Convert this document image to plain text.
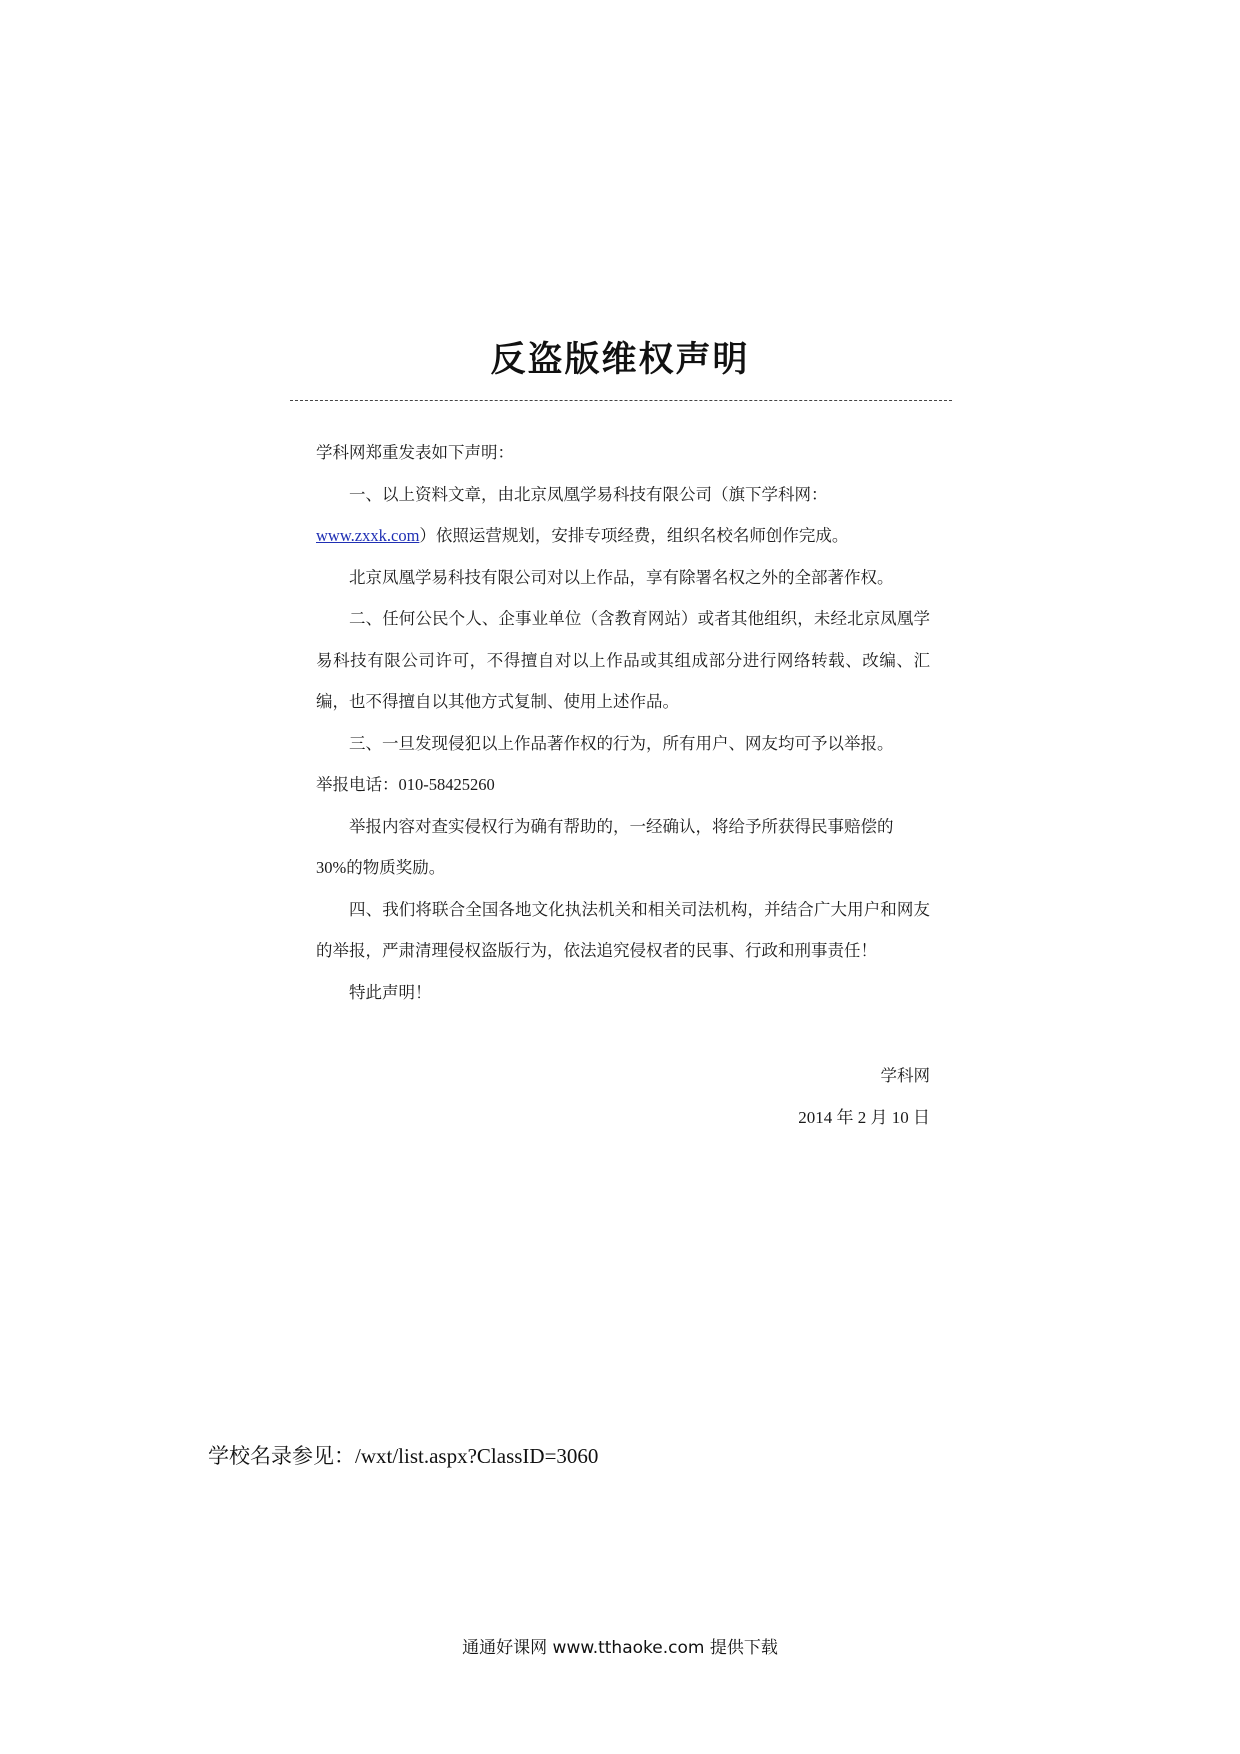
反盗版维权声明

学科网郑重发表如下声明：

一、以上资料文章，由北京凤凰学易科技有限公司（旗下学科网：

www.zxxk.com）依照运营规划，安排专项经费，组织名校名师创作完成。

北京凤凰学易科技有限公司对以上作品，享有除署名权之外的全部著作权。

二、任何公民个人、企事业单位（含教育网站）或者其他组织，未经北京凤凰学易科技有限公司许可，不得擅自对以上作品或其组成部分进行网络转载、改编、汇编，也不得擅自以其他方式复制、使用上述作品。

三、一旦发现侵犯以上作品著作权的行为，所有用户、网友均可予以举报。

举报电话：010-58425260

举报内容对查实侵权行为确有帮助的，一经确认，将给予所获得民事赔偿的

30%的物质奖励。

四、我们将联合全国各地文化执法机关和相关司法机构，并结合广大用户和网友的举报，严肃清理侵权盗版行为，依法追究侵权者的民事、行政和刑事责任！

特此声明！

学科网
2014 年 2 月 10 日
学校名录参见：/wxt/list.aspx?ClassID=3060
通通好课网 www.tthaoke.com 提供下载
